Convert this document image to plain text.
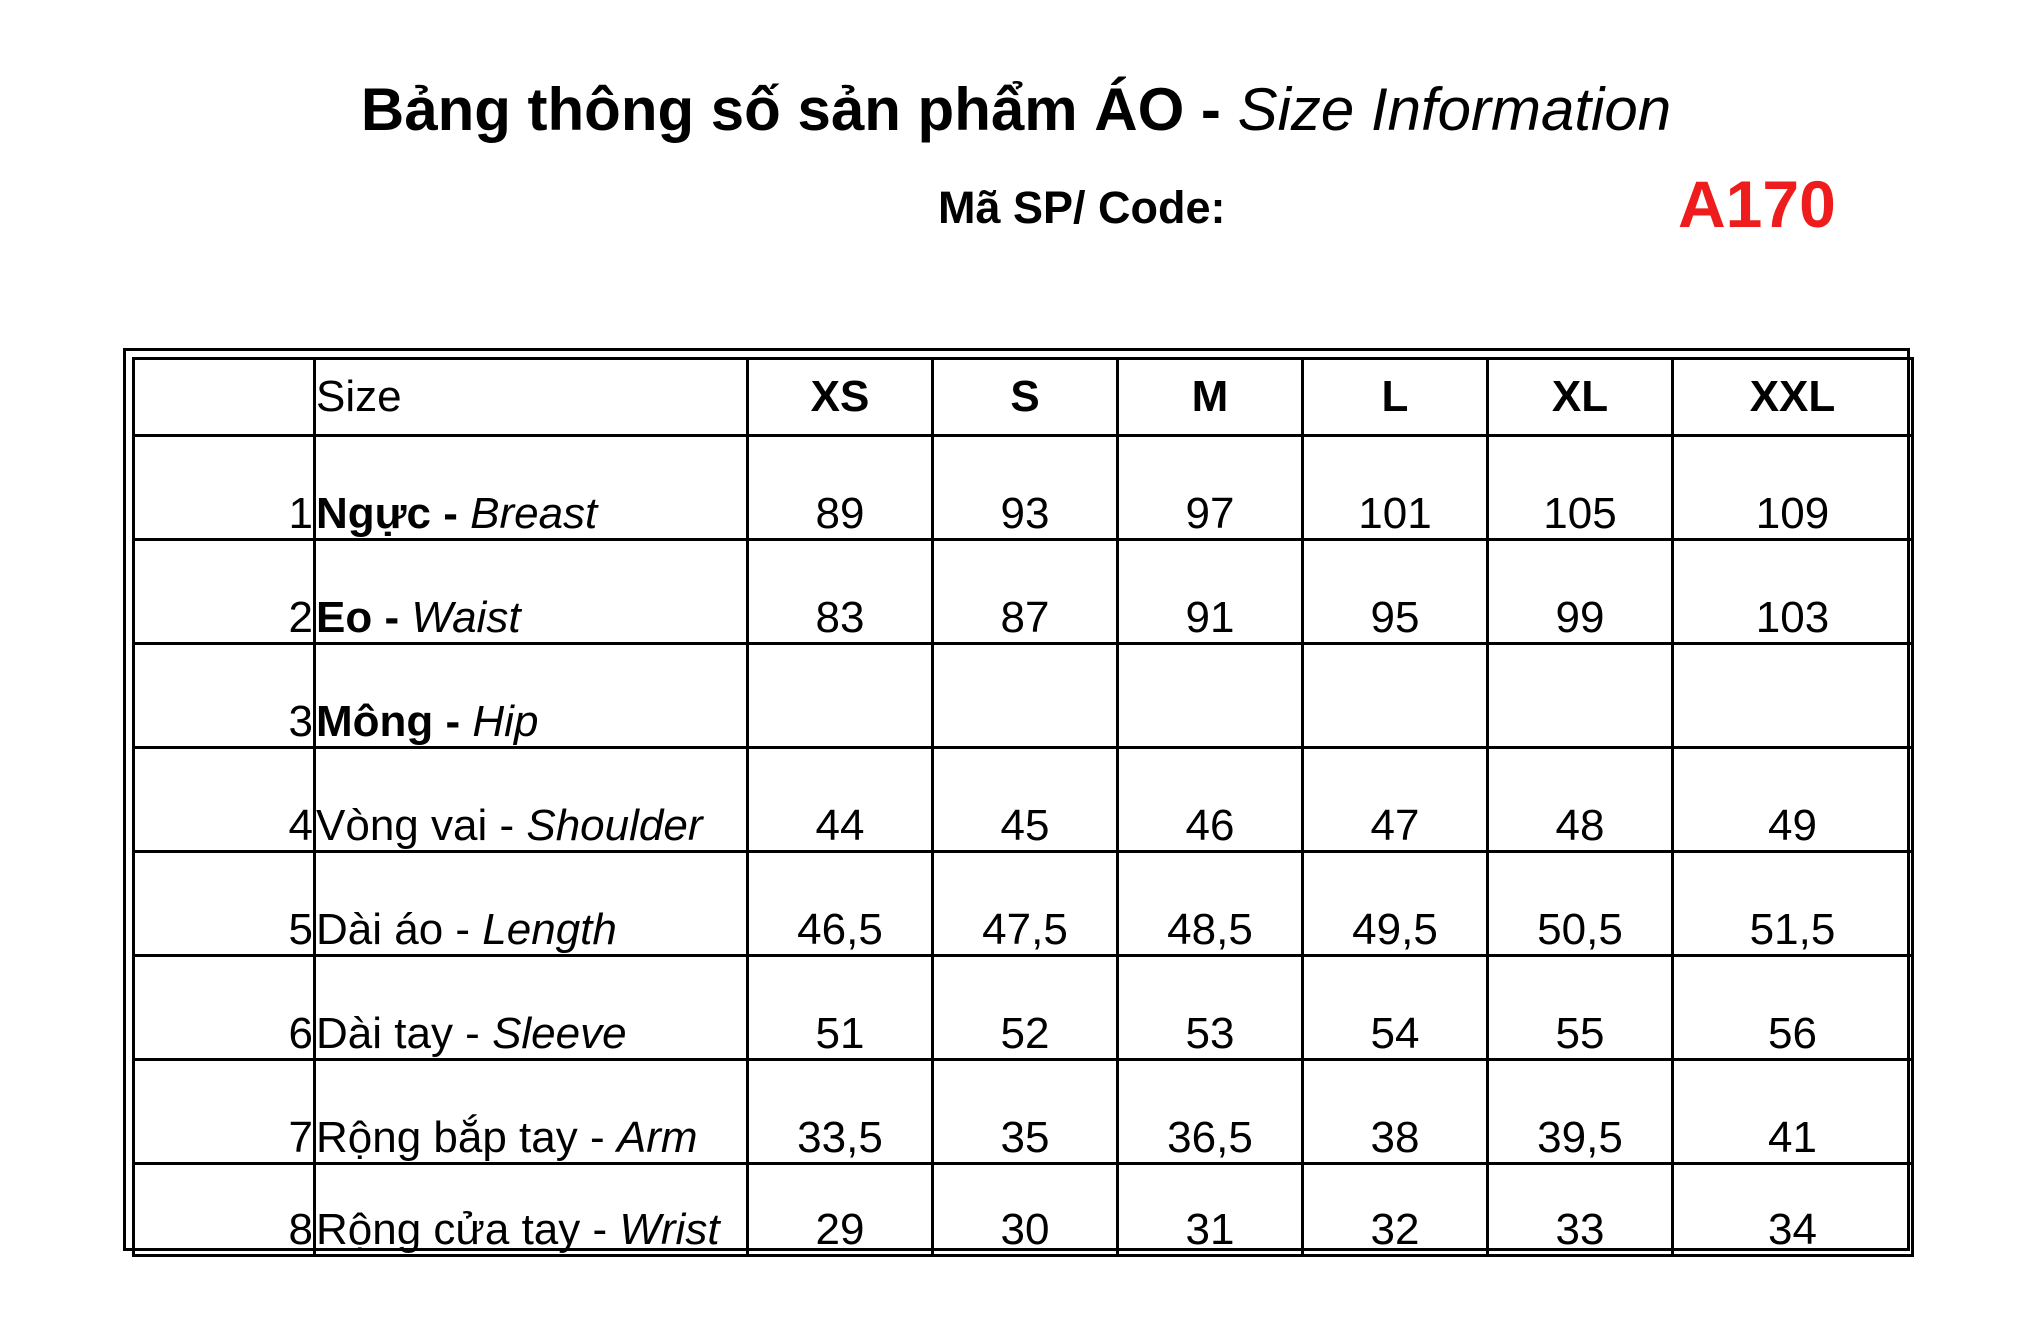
Bảng thông số sản phẩm ÁO - Size Information
Mã SP/ Code:	A170
	Size	XS	S	M	L	XL	XXL
1	Ngực - Breast	89	93	97	101	105	109
2	Eo - Waist	83	87	91	95	99	103
3	Mông - Hip						
4	Vòng vai - Shoulder	44	45	46	47	48	49
5	Dài áo - Length	46,5	47,5	48,5	49,5	50,5	51,5
6	Dài tay - Sleeve	51	52	53	54	55	56
7	Rộng bắp tay - Arm	33,5	35	36,5	38	39,5	41
8	Rộng cửa tay - Wrist	29	30	31	32	33	34
